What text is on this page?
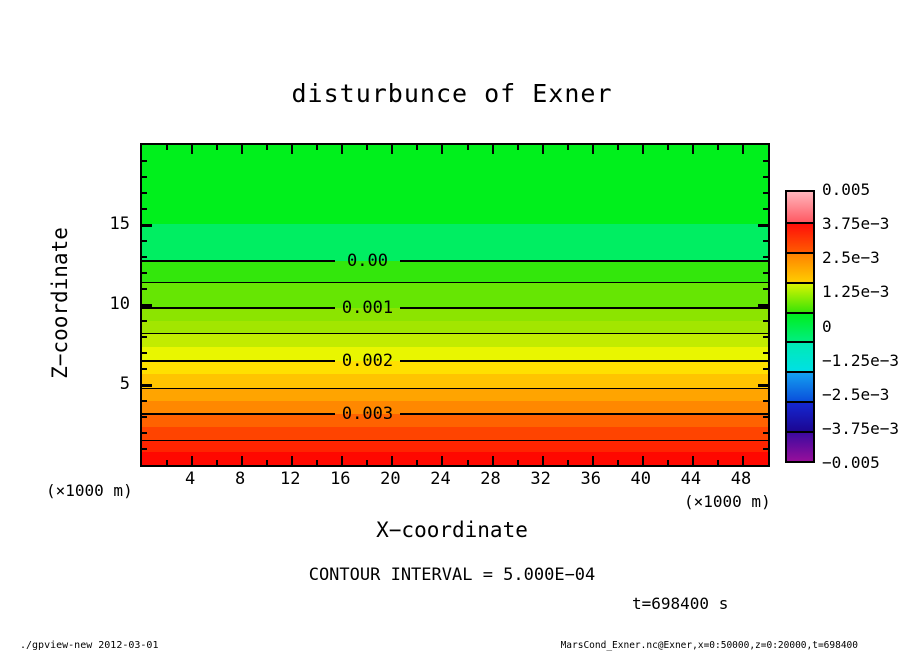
disturbunce of Exner
Z−coordinate	0.00
0.001
0.002
0.003
(×1000 m)
(×1000 m)
X−coordinate
CONTOUR INTERVAL = 5.000E−04
t=698400 s
./gpview-new 2012-03-01	MarsCond_Exner.nc@Exner,x=0:50000,z=0:20000,t=698400
4	8	12	16	20	24	28	32	36	40	44	48
5
10
15
0.005
3.75e−3
2.5e−3
1.25e−3
0
−1.25e−3
−2.5e−3
−3.75e−3
−0.005
